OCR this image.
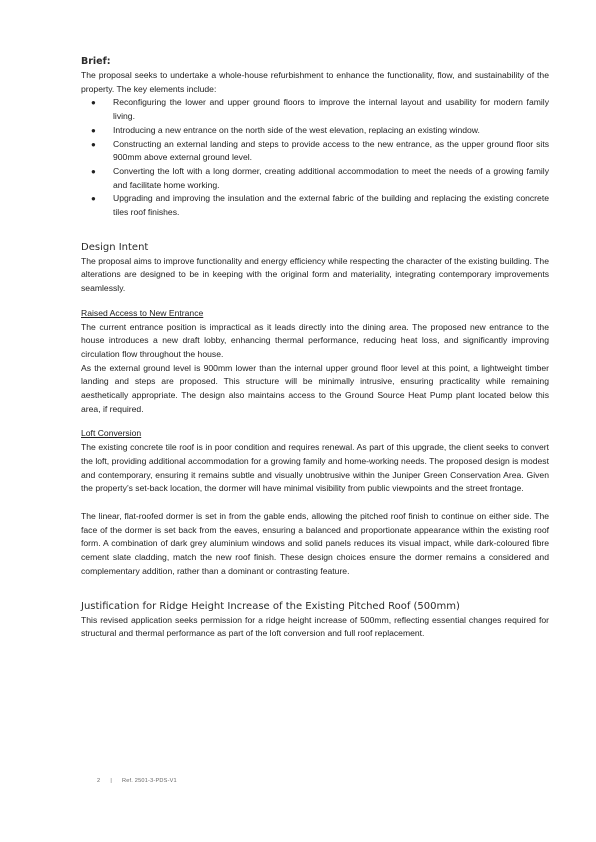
Brief:

The proposal seeks to undertake a whole-house refurbishment to enhance the functionality, flow, and sustainability of the property. The key elements include:

● Reconfiguring the lower and upper ground floors to improve the internal layout and usability for modern family living.
● Introducing a new entrance on the north side of the west elevation, replacing an existing window.
● Constructing an external landing and steps to provide access to the new entrance, as the upper ground floor sits 900mm above external ground level.
● Converting the loft with a long dormer, creating additional accommodation to meet the needs of a growing family and facilitate home working.
● Upgrading and improving the insulation and the external fabric of the building and replacing the existing concrete tiles roof finishes.
Design Intent

The proposal aims to improve functionality and energy efficiency while respecting the character of the existing building. The alterations are designed to be in keeping with the original form and materiality, integrating contemporary improvements seamlessly.

Raised Access to New Entrance

The current entrance position is impractical as it leads directly into the dining area. The proposed new entrance to the house introduces a new draft lobby, enhancing thermal performance, reducing heat loss, and significantly improving circulation flow throughout the house.

As the external ground level is 900mm lower than the internal upper ground floor level at this point, a lightweight timber landing and steps are proposed. This structure will be minimally intrusive, ensuring practicality while remaining aesthetically appropriate. The design also maintains access to the Ground Source Heat Pump plant located below this area, if required.

Loft Conversion

The existing concrete tile roof is in poor condition and requires renewal. As part of this upgrade, the client seeks to convert the loft, providing additional accommodation for a growing family and home-working needs. The proposed design is modest and contemporary, ensuring it remains subtle and visually unobtrusive within the Juniper Green Conservation Area. Given the property’s set-back location, the dormer will have minimal visibility from public viewpoints and the street frontage.

The linear, flat-roofed dormer is set in from the gable ends, allowing the pitched roof finish to continue on either side. The face of the dormer is set back from the eaves, ensuring a balanced and proportionate appearance within the existing roof form. A combination of dark grey aluminium windows and solid panels reduces its visual impact, while dark-coloured fibre cement slate cladding, match the new roof finish. These design choices ensure the dormer remains a considered and complementary addition, rather than a dominant or contrasting feature.

Justification for Ridge Height Increase of the Existing Pitched Roof (500mm)

This revised application seeks permission for a ridge height increase of 500mm, reflecting essential changes required for structural and thermal performance as part of the loft conversion and full roof replacement.

2 | Ref. 2501-3-PDS-V1
